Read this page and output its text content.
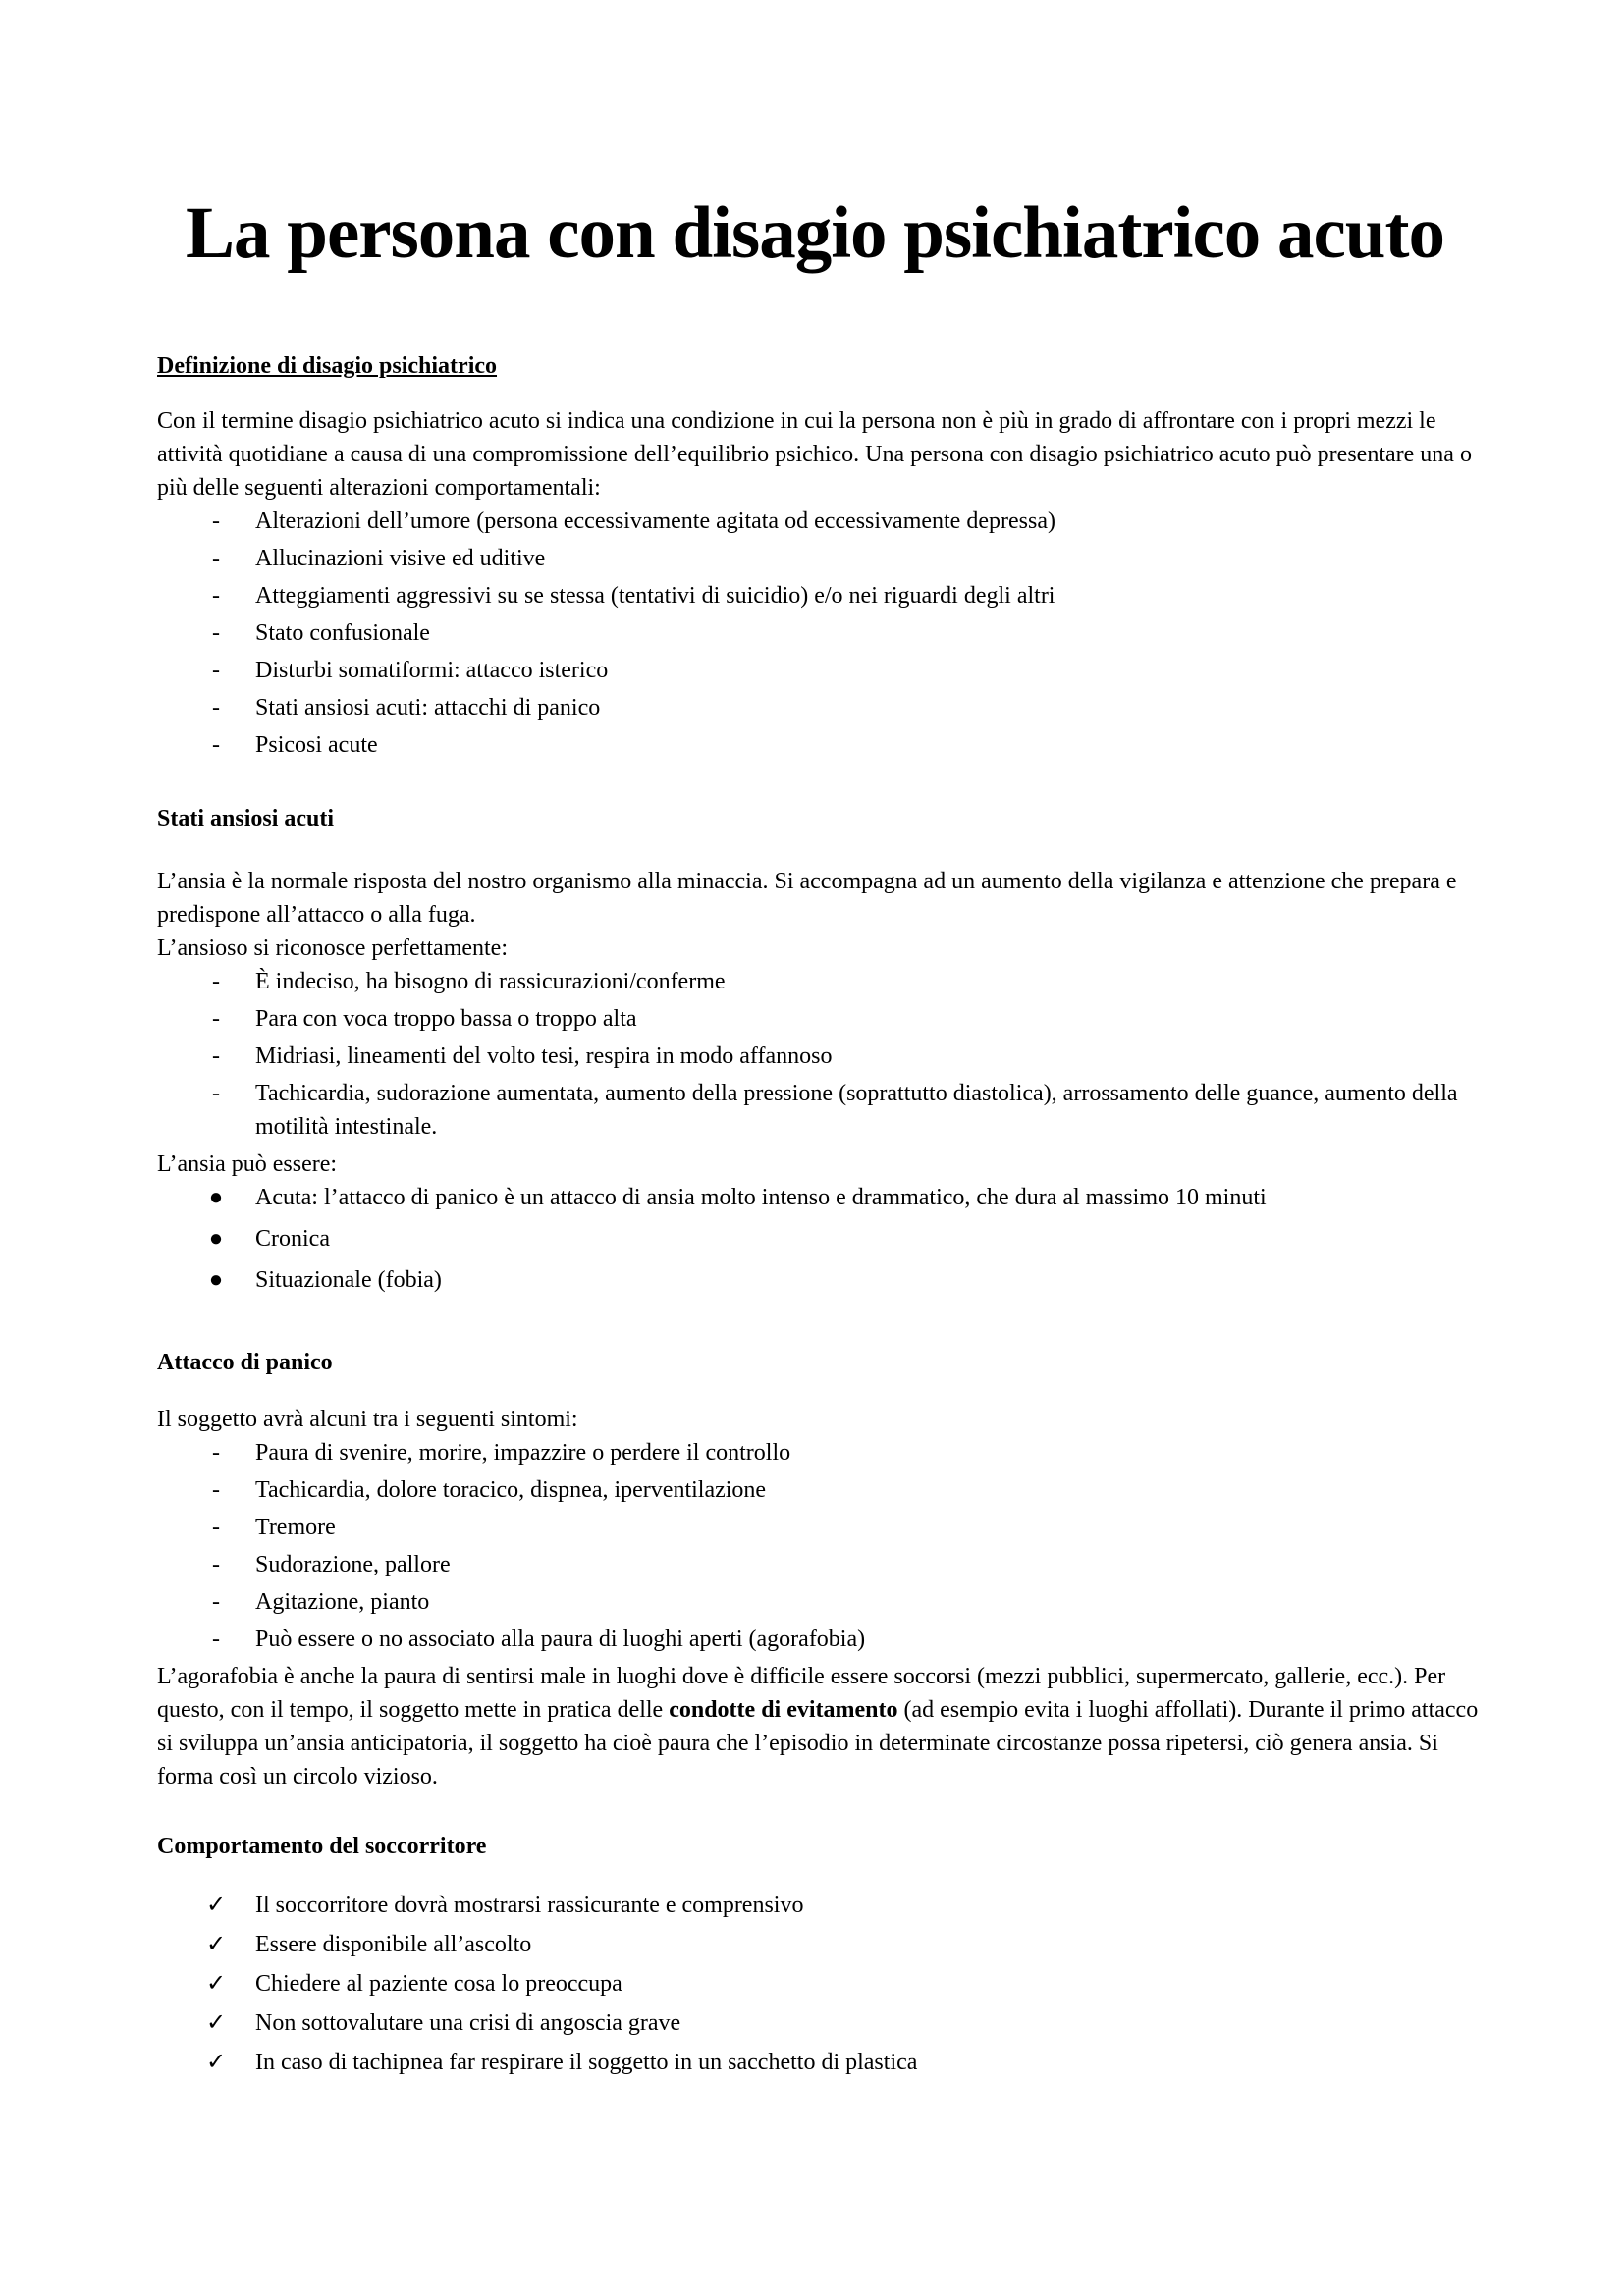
La persona con disagio psichiatrico acuto

Definizione di disagio psichiatrico

Con il termine disagio psichiatrico acuto si indica una condizione in cui la persona non è più in grado di affrontare con i propri mezzi le attività quotidiane a causa di una compromissione dell’equilibrio psichico. Una persona con disagio psichiatrico acuto può presentare una o più delle seguenti alterazioni comportamentali:

- Alterazioni dell’umore (persona eccessivamente agitata od eccessivamente depressa)
- Allucinazioni visive ed uditive
- Atteggiamenti aggressivi su se stessa (tentativi di suicidio) e/o nei riguardi degli altri
- Stato confusionale
- Disturbi somatiformi: attacco isterico
- Stati ansiosi acuti: attacchi di panico
- Psicosi acute

Stati ansiosi acuti

L’ansia è la normale risposta del nostro organismo alla minaccia. Si accompagna ad un aumento della vigilanza e attenzione che prepara e predispone all’attacco o alla fuga.

L’ansioso si riconosce perfettamente:

- È indeciso, ha bisogno di rassicurazioni/conferme
- Para con voca troppo bassa o troppo alta
- Midriasi, lineamenti del volto tesi, respira in modo affannoso
- Tachicardia, sudorazione aumentata, aumento della pressione (soprattutto diastolica), arrossamento delle guance, aumento della motilità intestinale.

L’ansia può essere:

● Acuta: l’attacco di panico è un attacco di ansia molto intenso e drammatico, che dura al massimo 10 minuti
● Cronica
● Situazionale (fobia)

Attacco di panico

Il soggetto avrà alcuni tra i seguenti sintomi:

- Paura di svenire, morire, impazzire o perdere il controllo
- Tachicardia, dolore toracico, dispnea, iperventilazione
- Tremore
- Sudorazione, pallore
- Agitazione, pianto
- Può essere o no associato alla paura di luoghi aperti (agorafobia)

L’agorafobia è anche la paura di sentirsi male in luoghi dove è difficile essere soccorsi (mezzi pubblici, supermercato, gallerie, ecc.). Per questo, con il tempo, il soggetto mette in pratica delle condotte di evitamento (ad esempio evita i luoghi affollati). Durante il primo attacco si sviluppa un’ansia anticipatoria, il soggetto ha cioè paura che l’episodio in determinate circostanze possa ripetersi, ciò genera ansia. Si forma così un circolo vizioso.

Comportamento del soccorritore

✓ Il soccorritore dovrà mostrarsi rassicurante e comprensivo
✓ Essere disponibile all’ascolto
✓ Chiedere al paziente cosa lo preoccupa
✓ Non sottovalutare una crisi di angoscia grave
✓ In caso di tachipnea far respirare il soggetto in un sacchetto di plastica
